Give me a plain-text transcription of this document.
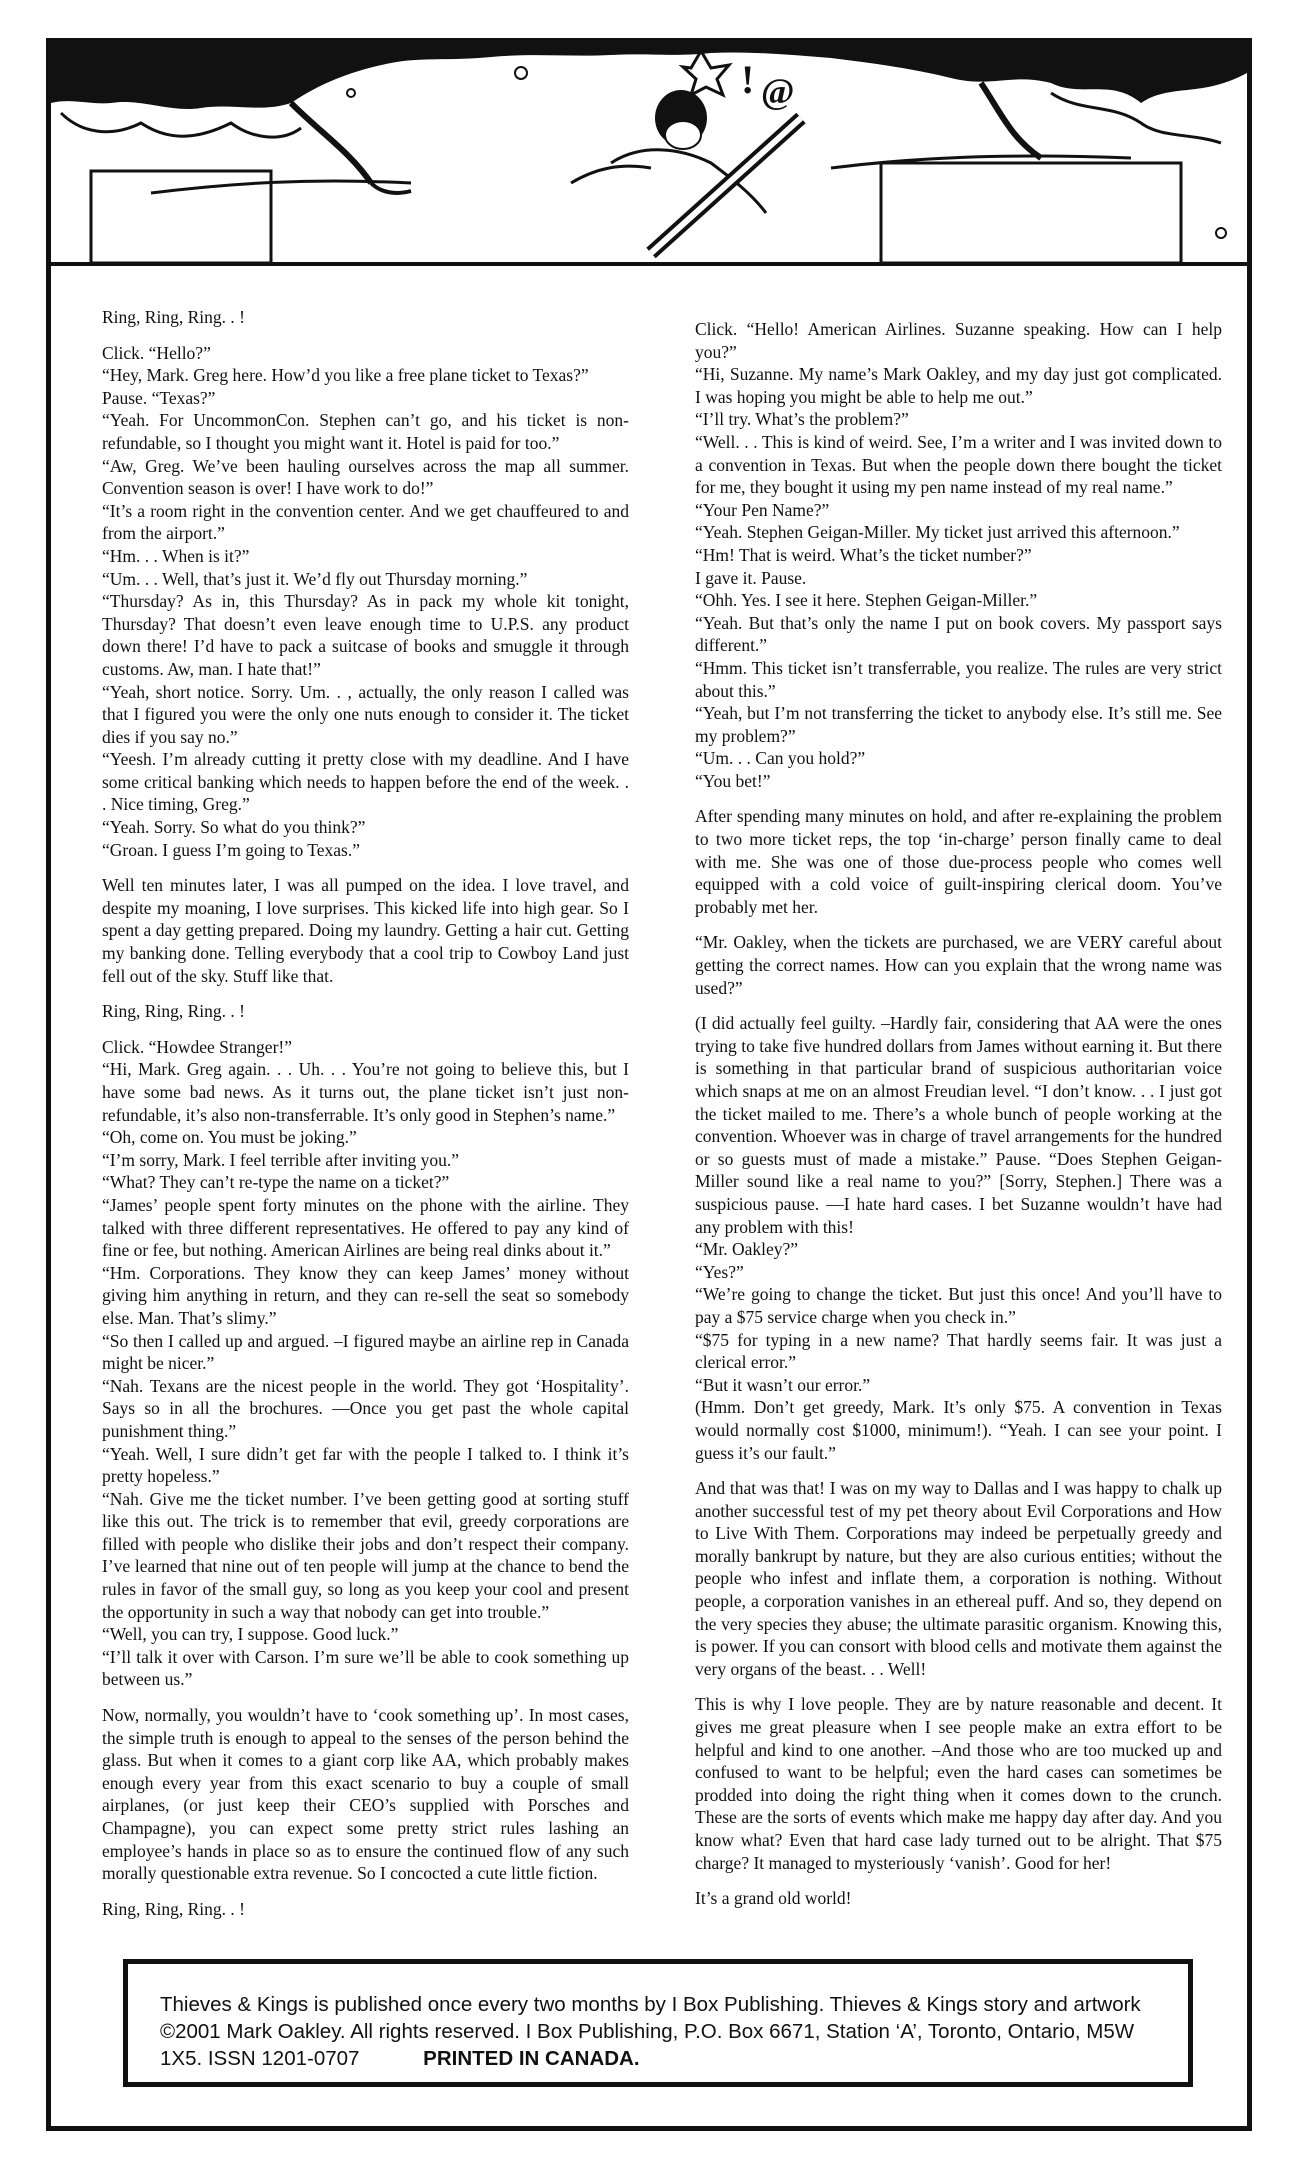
! @

Ring, Ring, Ring. . !

Click. “Hello?”

“Hey, Mark. Greg here. How’d you like a free plane ticket to Texas?”

Pause. “Texas?”

“Yeah. For UncommonCon. Stephen can’t go, and his ticket is non-refundable, so I thought you might want it. Hotel is paid for too.”

“Aw, Greg. We’ve been hauling ourselves across the map all summer. Convention season is over! I have work to do!”

“It’s a room right in the convention center. And we get chauffeured to and from the airport.”

“Hm. . . When is it?”

“Um. . . Well, that’s just it. We’d fly out Thursday morning.”

“Thursday? As in, this Thursday? As in pack my whole kit tonight, Thursday? That doesn’t even leave enough time to U.P.S. any product down there! I’d have to pack a suitcase of books and smuggle it through customs. Aw, man. I hate that!”

“Yeah, short notice. Sorry. Um. . , actually, the only reason I called was that I figured you were the only one nuts enough to consider it. The ticket dies if you say no.”

“Yeesh. I’m already cutting it pretty close with my deadline. And I have some critical banking which needs to happen before the end of the week. . . Nice timing, Greg.”

“Yeah. Sorry. So what do you think?”

“Groan. I guess I’m going to Texas.”

Well ten minutes later, I was all pumped on the idea. I love travel, and despite my moaning, I love surprises. This kicked life into high gear. So I spent a day getting prepared. Doing my laundry. Getting a hair cut. Getting my banking done. Telling everybody that a cool trip to Cowboy Land just fell out of the sky. Stuff like that.

Ring, Ring, Ring. . !

Click. “Howdee Stranger!”

“Hi, Mark. Greg again. . . Uh. . . You’re not going to believe this, but I have some bad news. As it turns out, the plane ticket isn’t just non-refundable, it’s also non-transferrable. It’s only good in Stephen’s name.”

“Oh, come on. You must be joking.”

“I’m sorry, Mark. I feel terrible after inviting you.”

“What? They can’t re-type the name on a ticket?”

“James’ people spent forty minutes on the phone with the airline. They talked with three different representatives. He offered to pay any kind of fine or fee, but nothing. American Airlines are being real dinks about it.”

“Hm. Corporations. They know they can keep James’ money without giving him anything in return, and they can re-sell the seat so somebody else. Man. That’s slimy.”

“So then I called up and argued. –I figured maybe an airline rep in Canada might be nicer.”

“Nah. Texans are the nicest people in the world. They got ‘Hospitality’. Says so in all the brochures. —Once you get past the whole capital punishment thing.”

“Yeah. Well, I sure didn’t get far with the people I talked to. I think it’s pretty hopeless.”

“Nah. Give me the ticket number. I’ve been getting good at sorting stuff like this out. The trick is to remember that evil, greedy corporations are filled with people who dislike their jobs and don’t respect their company. I’ve learned that nine out of ten people will jump at the chance to bend the rules in favor of the small guy, so long as you keep your cool and present the opportunity in such a way that nobody can get into trouble.”

“Well, you can try, I suppose. Good luck.”

“I’ll talk it over with Carson. I’m sure we’ll be able to cook something up between us.”

Now, normally, you wouldn’t have to ‘cook something up’. In most cases, the simple truth is enough to appeal to the senses of the person behind the glass. But when it comes to a giant corp like AA, which probably makes enough every year from this exact scenario to buy a couple of small airplanes, (or just keep their CEO’s supplied with Porsches and Champagne), you can expect some pretty strict rules lashing an employee’s hands in place so as to ensure the continued flow of any such morally questionable extra revenue. So I concocted a cute little fiction.

Ring, Ring, Ring. . !

Click. “Hello! American Airlines. Suzanne speaking. How can I help you?”

“Hi, Suzanne. My name’s Mark Oakley, and my day just got complicated. I was hoping you might be able to help me out.”

“I’ll try. What’s the problem?”

“Well. . . This is kind of weird. See, I’m a writer and I was invited down to a convention in Texas. But when the people down there bought the ticket for me, they bought it using my pen name instead of my real name.”

“Your Pen Name?”

“Yeah. Stephen Geigan-Miller. My ticket just arrived this afternoon.”

“Hm! That is weird. What’s the ticket number?”

I gave it. Pause.

“Ohh. Yes. I see it here. Stephen Geigan-Miller.”

“Yeah. But that’s only the name I put on book covers. My passport says different.”

“Hmm. This ticket isn’t transferrable, you realize. The rules are very strict about this.”

“Yeah, but I’m not transferring the ticket to anybody else. It’s still me. See my problem?”

“Um. . . Can you hold?”

“You bet!”

After spending many minutes on hold, and after re-explaining the problem to two more ticket reps, the top ‘in-charge’ person finally came to deal with me. She was one of those due-process people who comes well equipped with a cold voice of guilt-inspiring clerical doom. You’ve probably met her.

“Mr. Oakley, when the tickets are purchased, we are VERY careful about getting the correct names. How can you explain that the wrong name was used?”

(I did actually feel guilty. –Hardly fair, considering that AA were the ones trying to take five hundred dollars from James without earning it. But there is something in that particular brand of suspicious authoritarian voice which snaps at me on an almost Freudian level. “I don’t know. . . I just got the ticket mailed to me. There’s a whole bunch of people working at the convention. Whoever was in charge of travel arrangements for the hundred or so guests must of made a mistake.” Pause. “Does Stephen Geigan-Miller sound like a real name to you?” [Sorry, Stephen.] There was a suspicious pause. —I hate hard cases. I bet Suzanne wouldn’t have had any problem with this!

“Mr. Oakley?”

“Yes?”

“We’re going to change the ticket. But just this once! And you’ll have to pay a $75 service charge when you check in.”

“$75 for typing in a new name? That hardly seems fair. It was just a clerical error.”

“But it wasn’t our error.”

(Hmm. Don’t get greedy, Mark. It’s only $75. A convention in Texas would normally cost $1000, minimum!). “Yeah. I can see your point. I guess it’s our fault.”

And that was that! I was on my way to Dallas and I was happy to chalk up another successful test of my pet theory about Evil Corporations and How to Live With Them. Corporations may indeed be perpetually greedy and morally bankrupt by nature, but they are also curious entities; without the people who infest and inflate them, a corporation is nothing. Without people, a corporation vanishes in an ethereal puff. And so, they depend on the very species they abuse; the ultimate parasitic organism. Knowing this, is power. If you can consort with blood cells and motivate them against the very organs of the beast. . . Well!

This is why I love people. They are by nature reasonable and decent. It gives me great pleasure when I see people make an extra effort to be helpful and kind to one another. –And those who are too mucked up and confused to want to be helpful; even the hard cases can sometimes be prodded into doing the right thing when it comes down to the crunch. These are the sorts of events which make me happy day after day. And you know what? Even that hard case lady turned out to be alright. That $75 charge? It managed to mysteriously ‘vanish’. Good for her!

It’s a grand old world!

Thieves & Kings is published once every two months by I Box Publishing. Thieves & Kings story and artwork ©2001 Mark Oakley. All rights reserved. I Box Publishing, P.O. Box 6671, Station ‘A’, Toronto, Ontario, M5W 1X5. ISSN 1201-0707	PRINTED IN CANADA.
